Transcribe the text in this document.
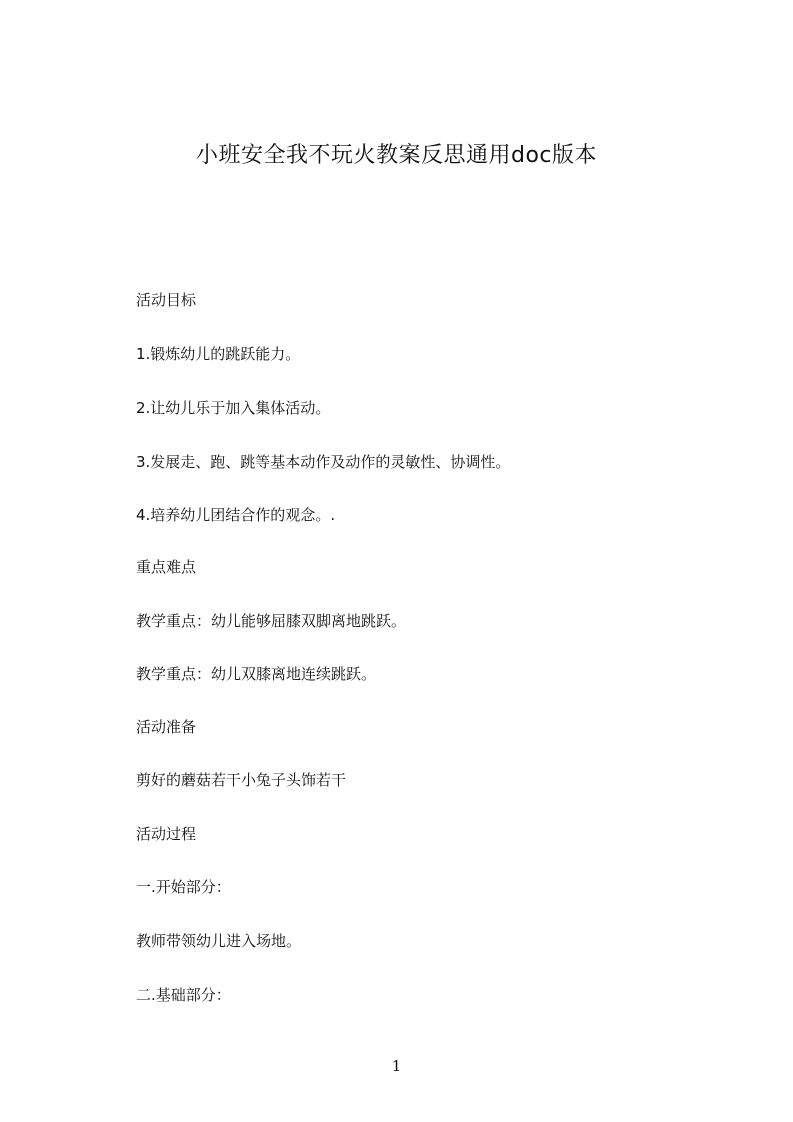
小班安全我不玩火教案反思通用doc版本
活动目标
1.锻炼幼儿的跳跃能力。
2.让幼儿乐于加入集体活动。
3.发展走、跑、跳等基本动作及动作的灵敏性、协调性。
4.培养幼儿团结合作的观念。.
重点难点
教学重点：幼儿能够屈膝双脚离地跳跃。
教学重点：幼儿双膝离地连续跳跃。
活动准备
剪好的蘑菇若干小兔子头饰若干
活动过程
一.开始部分：
教师带领幼儿进入场地。
二.基础部分：
1
